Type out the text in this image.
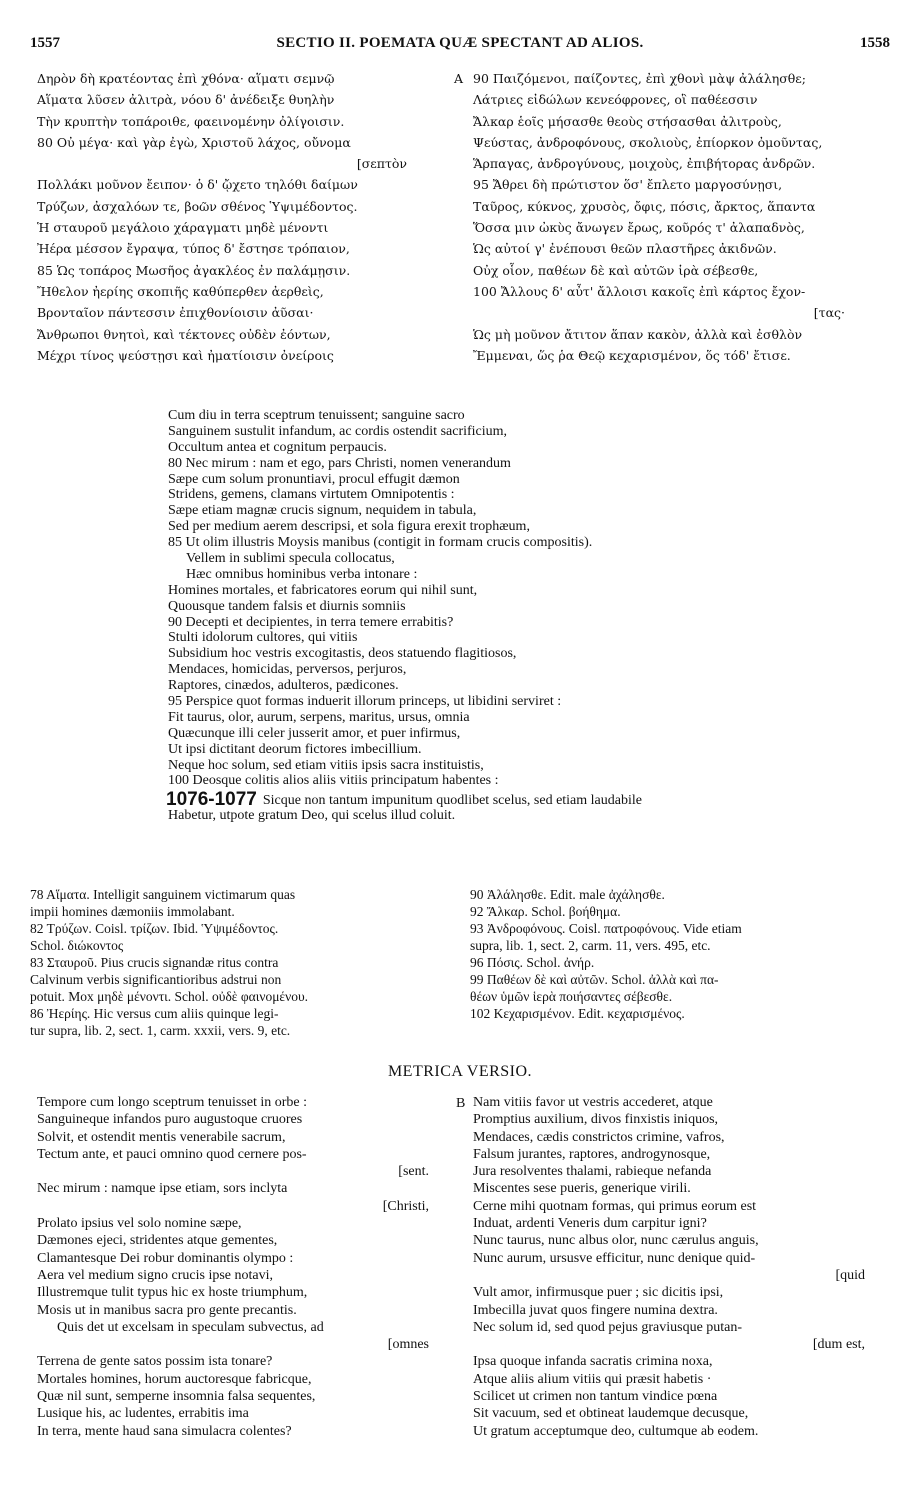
1557	SECTIO II. POEMATA QUÆ SPECTANT AD ALIOS.	1558
Δηρὸν δὴ κρατέοντας ἐπὶ χθόνα· αἵματι σεμνῷ
Αἵματα λῦσεν ἀλιτρὰ, νόου δ' ἀνέδειξε θυηλὴν
Τὴν κρυπτὴν τοπάροιθε, φαεινομένην ὀλίγοισιν.
80 Οὐ μέγα· καὶ γὰρ ἐγὼ, Χριστοῦ λάχος, οὔνομα
[σεπτὸν
Πολλάκι μοῦνον ἔειπον· ὁ δ' ᾤχετο τηλόθι δαίμων
Τρύζων, ἀσχαλόων τε, βοῶν σθένος Ὑψιμέδοντος.
Ἡ σταυροῦ μεγάλοιο χάραγματι μηδὲ μένοντι
Ἠέρα μέσσον ἔγραψα, τύπος δ' ἔστησε τρόπαιον,
85 Ὡς τοπάρος Μωσῆος ἀγακλέος ἐν παλάμῃσιν.
Ἤθελον ἠερίης σκοπιῆς καθύπερθεν ἀερθεὶς,
Βρονταῖον πάντεσσιν ἐπιχθονίοισιν ἀῦσαι·
Ἄνθρωποι θνητοὶ, καὶ τέκτονες οὐδὲν ἐόντων,
Μέχρι τίνος ψεύστῃσι καὶ ἠματίοισιν ὀνείροις
A 90 Παιζόμενοι, παίζοντες, ἐπὶ χθονὶ μὰψ ἀλάλησθε;
Λάτριες εἰδώλων κενεόφρονες, οἳ παθέεσσιν
Ἄλκαρ ἑοῖς μήσασθε θεοὺς στήσασθαι ἀλιτροὺς,
Ψεύστας, ἀνδροφόνους, σκολιοὺς, ἐπίορκον ὀμοῦντας,
Ἅρπαγας, ἀνδρογύνους, μοιχοὺς, ἐπιβήτορας ἀνδρῶν.
95 Ἄθρει δὴ πρώτιστον ὅσ' ἔπλετο μαργοσύνῃσι,
Ταῦρος, κύκνος, χρυσὸς, ὄφις, πόσις, ἄρκτος, ἅπαντα
Ὅσσα μιν ὠκὺς ἄνωγεν ἔρως, κοῦρός τ' ἀλαπαδνὸς,
Ὡς αὐτοί γ' ἐνέπουσι θεῶν πλαστῆρες ἀκιδνῶν.
Οὐχ οἷον, παθέων δὲ καὶ αὐτῶν ἱρὰ σέβεσθε,
100 Ἄλλους δ' αὖτ' ἄλλοισι κακοῖς ἐπὶ κάρτος ἔχον-
[τας·
Ὡς μὴ μοῦνον ἄτιτον ἅπαν κακὸν, ἀλλὰ καὶ ἐσθλὸν
Ἔμμεναι, ὥς ῥα Θεῷ κεχαρισμένον, ὅς τόδ' ἔτισε.
Cum diu in terra sceptrum tenuissent; sanguine sacro
Sanguinem sustulit infandum, ac cordis ostendit sacrificium,
Occultum antea et cognitum perpaucis.
80 Nec mirum : nam et ego, pars Christi, nomen venerandum
Sæpe cum solum pronuntiavi, procul effugit dæmon
Stridens, gemens, clamans virtutem Omnipotentis :
Sæpe etiam magnæ crucis signum, nequidem in tabula,
Sed per medium aerem descripsi, et sola figura erexit trophæum,
85 Ut olim illustris Moysis manibus (contigit in formam crucis compositis).
Vellem in sublimi specula collocatus,
Hæc omnibus hominibus verba intonare :
Homines mortales, et fabricatores eorum qui nihil sunt,
Quousque tandem falsis et diurnis somniis
90 Decepti et decipientes, in terra temere errabitis?
Stulti idolorum cultores, qui vitiis
Subsidium hoc vestris excogitastis, deos statuendo flagitiosos,
Mendaces, homicidas, perversos, perjuros,
Raptores, cinædos, adulteros, pædicones.
95 Perspice quot formas induerit illorum princeps, ut libidini serviret :
Fit taurus, olor, aurum, serpens, maritus, ursus, omnia
Quæcunque illi celer jusserit amor, et puer infirmus,
Ut ipsi dictitant deorum fictores imbecillium.
Neque hoc solum, sed etiam vitiis ipsis sacra instituistis,
100 Deosque colitis alios aliis vitiis principatum habentes :
1076-1077 Sicque non tantum impunitum quodlibet scelus, sed etiam laudabile
Habetur, utpote gratum Deo, qui scelus illud coluit.
78 Αἵματα. Intelligit sanguinem victimarum quas
impii homines dæmoniis immolabant.
82 Τρύζων. Coisl. τρίζων. Ibid. Ὑψιμέδοντος.
Schol. διώκοντος
83 Σταυροῦ. Pius crucis signandæ ritus contra
Calvinum verbis significantioribus adstrui non
potuit. Mox μηδὲ μένοντι. Schol. οὐδὲ φαινομένου.
86 Ἠερίης. Hic versus cum aliis quinque legi-
tur supra, lib. 2, sect. 1, carm. xxxii, vers. 9, etc.
90 Ἀλάλησθε. Edit. male ἀχάλησθε.
92 Ἄλκαρ. Schol. βοήθημα.
93 Ἀνδροφόνους. Coisl. πατροφόνους. Vide etiam
supra, lib. 1, sect. 2, carm. 11, vers. 495, etc.
96 Πόσις. Schol. ἀνήρ.
99 Παθέων δὲ καὶ αὐτῶν. Schol. ἀλλὰ καὶ πα-
θέων ὑμῶν ἱερὰ ποιήσαντες σέβεσθε.
102 Κεχαρισμένον. Edit. κεχαρισμένος.
METRICA VERSIO.
Tempore cum longo sceptrum tenuisset in orbe :
Sanguineque infandos puro augustoque cruores
Solvit, et ostendit mentis venerabile sacrum,
Tectum ante, et pauci omnino quod cernere pos-
[sent.
Nec mirum : namque ipse etiam, sors inclyta
[Christi,
Prolato ipsius vel solo nomine sæpe,
Dæmones ejeci, stridentes atque gementes,
Clamantesque Dei robur dominantis olympo :
Aera vel medium signo crucis ipse notavi,
Illustremque tulit typus hic ex hoste triumphum,
Mosis ut in manibus sacra pro gente precantis.
Quis det ut excelsam in speculam subvectus, ad
[omnes
Terrena de gente satos possim ista tonare?
Mortales homines, horum auctoresque fabricque,
Quæ nil sunt, semperne insomnia falsa sequentes,
Lusique his, ac ludentes, errabitis ima
In terra, mente haud sana simulacra colentes?
B Nam vitiis favor ut vestris accederet, atque
Promptius auxilium, divos finxistis iniquos,
Mendaces, cædis constrictos crimine, vafros,
Falsum jurantes, raptores, androgynosque,
Jura resolventes thalami, rabieque nefanda
Miscentes sese pueris, generique virili.
Cerne mihi quotnam formas, qui primus eorum est
Induat, ardenti Veneris dum carpitur igni?
Nunc taurus, nunc albus olor, nunc cærulus anguis,
Nunc aurum, ursusve efficitur, nunc denique quid-
[quid
Vult amor, infirmusque puer ; sic dicitis ipsi,
Imbecilla juvat quos fingere numina dextra.
Nec solum id, sed quod pejus graviusque putan-
[dum est,
Ipsa quoque infanda sacratis crimina noxa,
Atque aliis alium vitiis qui præsit habetis ·
Scilicet ut crimen non tantum vindice pœna
Sit vacuum, sed et obtineat laudemque decusque,
Ut gratum acceptumque deo, cultumque ab eodem.
